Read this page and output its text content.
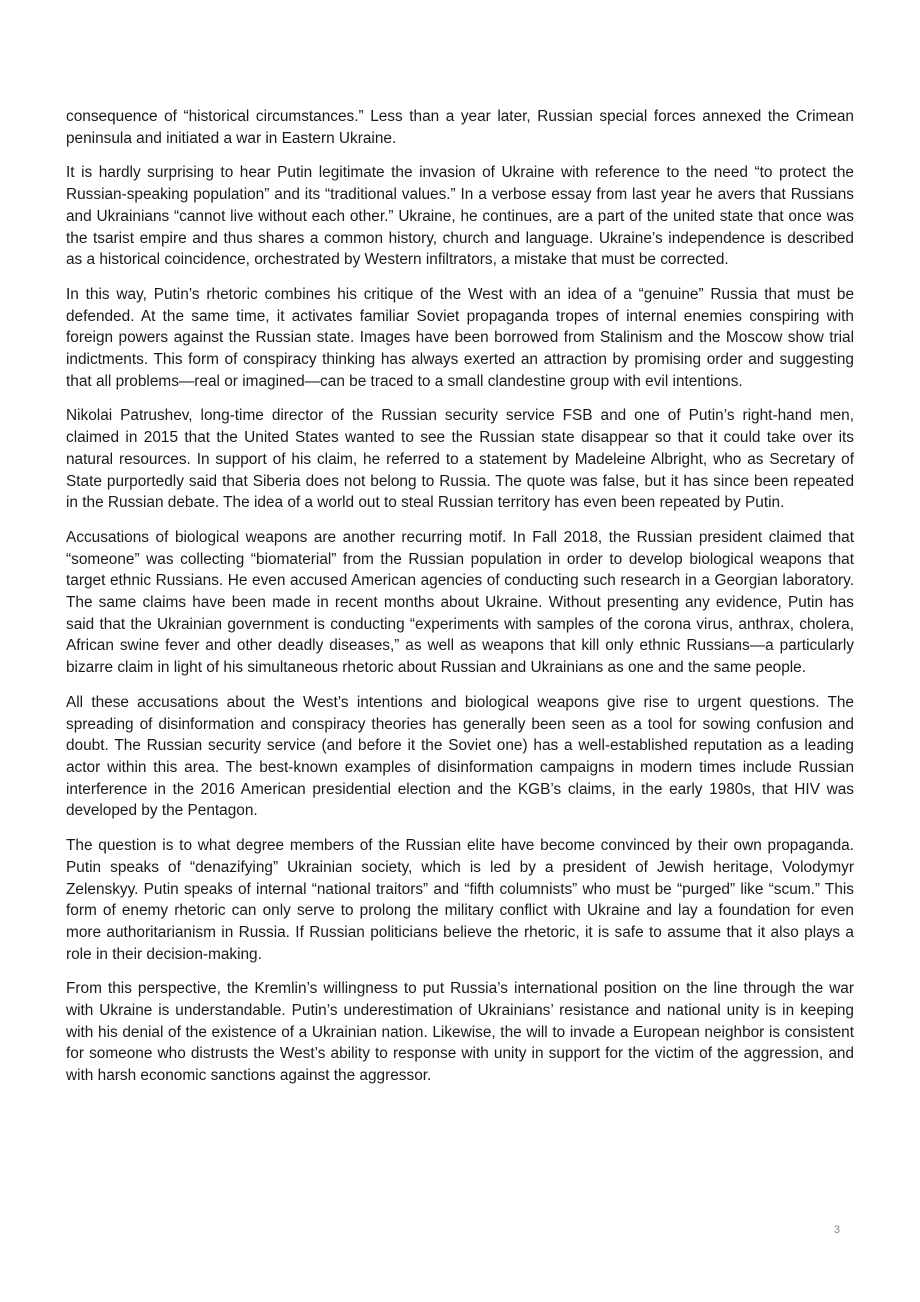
consequence of “historical circumstances.” Less than a year later, Russian special forces annexed the Crimean peninsula and initiated a war in Eastern Ukraine.

It is hardly surprising to hear Putin legitimate the invasion of Ukraine with reference to the need “to protect the Russian-speaking population” and its “traditional values.” In a verbose essay from last year he avers that Russians and Ukrainians “cannot live without each other.” Ukraine, he continues, are a part of the united state that once was the tsarist empire and thus shares a common history, church and language. Ukraine’s independence is described as a historical coincidence, orchestrated by Western infiltrators, a mistake that must be corrected.

In this way, Putin’s rhetoric combines his critique of the West with an idea of a “genuine” Russia that must be defended. At the same time, it activates familiar Soviet propaganda tropes of internal enemies conspiring with foreign powers against the Russian state. Images have been borrowed from Stalinism and the Moscow show trial indictments. This form of conspiracy thinking has always exerted an attraction by promising order and suggesting that all problems—real or imagined—can be traced to a small clandestine group with evil intentions.

Nikolai Patrushev, long-time director of the Russian security service FSB and one of Putin’s right-hand men, claimed in 2015 that the United States wanted to see the Russian state disappear so that it could take over its natural resources. In support of his claim, he referred to a statement by Madeleine Albright, who as Secretary of State purportedly said that Siberia does not belong to Russia. The quote was false, but it has since been repeated in the Russian debate. The idea of a world out to steal Russian territory has even been repeated by Putin.

Accusations of biological weapons are another recurring motif. In Fall 2018, the Russian president claimed that “someone” was collecting “biomaterial” from the Russian population in order to develop biological weapons that target ethnic Russians. He even accused American agencies of conducting such research in a Georgian laboratory. The same claims have been made in recent months about Ukraine. Without presenting any evidence, Putin has said that the Ukrainian government is conducting “experiments with samples of the corona virus, anthrax, cholera, African swine fever and other deadly diseases,” as well as weapons that kill only ethnic Russians—a particularly bizarre claim in light of his simultaneous rhetoric about Russian and Ukrainians as one and the same people.

All these accusations about the West’s intentions and biological weapons give rise to urgent questions. The spreading of disinformation and conspiracy theories has generally been seen as a tool for sowing confusion and doubt. The Russian security service (and before it the Soviet one) has a well-established reputation as a leading actor within this area. The best-known examples of disinformation campaigns in modern times include Russian interference in the 2016 American presidential election and the KGB’s claims, in the early 1980s, that HIV was developed by the Pentagon.

The question is to what degree members of the Russian elite have become convinced by their own propaganda. Putin speaks of “denazifying” Ukrainian society, which is led by a president of Jewish heritage, Volodymyr Zelenskyy. Putin speaks of internal “national traitors” and “fifth columnists” who must be “purged” like “scum.” This form of enemy rhetoric can only serve to prolong the military conflict with Ukraine and lay a foundation for even more authoritarianism in Russia. If Russian politicians believe the rhetoric, it is safe to assume that it also plays a role in their decision-making.

From this perspective, the Kremlin’s willingness to put Russia’s international position on the line through the war with Ukraine is understandable. Putin’s underestimation of Ukrainians’ resistance and national unity is in keeping with his denial of the existence of a Ukrainian nation. Likewise, the will to invade a European neighbor is consistent for someone who distrusts the West’s ability to response with unity in support for the victim of the aggression, and with harsh economic sanctions against the aggressor.

3
